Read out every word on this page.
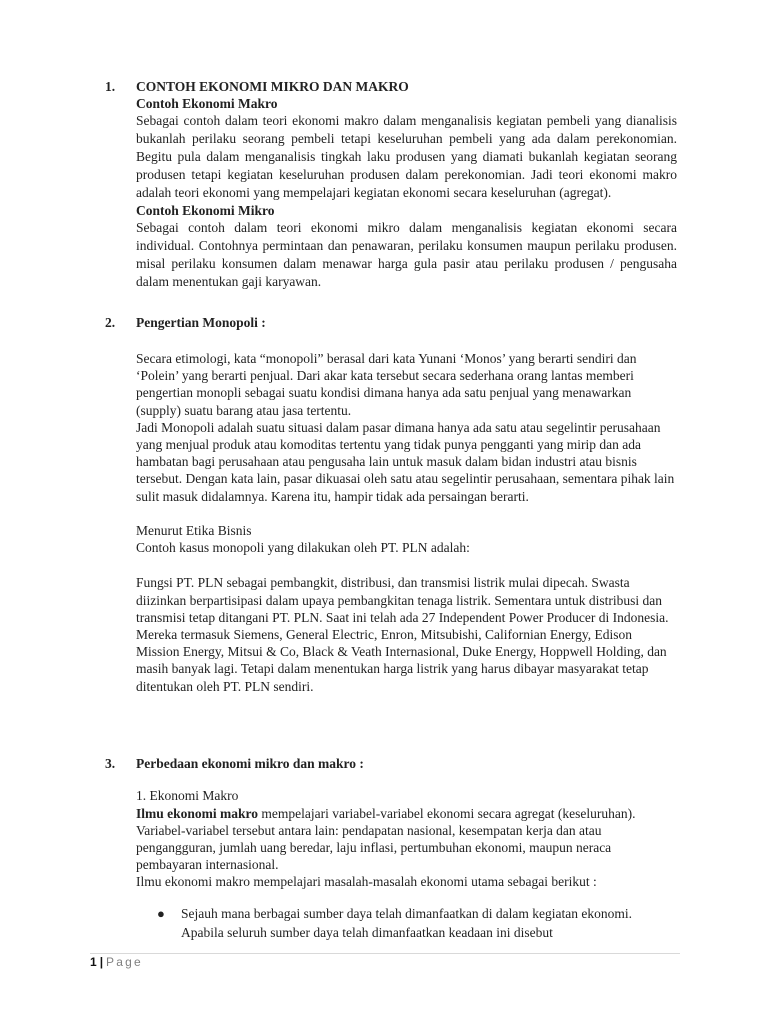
1.	CONTOH EKONOMI MIKRO DAN MAKRO
Contoh Ekonomi Makro

Sebagai contoh dalam teori ekonomi makro dalam menganalisis kegiatan pembeli yang dianalisis bukanlah perilaku seorang pembeli tetapi keseluruhan pembeli yang ada dalam perekonomian. Begitu pula dalam menganalisis tingkah laku produsen yang diamati bukanlah kegiatan seorang produsen tetapi kegiatan keseluruhan produsen dalam perekonomian. Jadi teori ekonomi makro adalah teori ekonomi yang mempelajari kegiatan ekonomi secara keseluruhan (agregat).

Contoh Ekonomi Mikro

Sebagai contoh dalam teori ekonomi mikro dalam menganalisis kegiatan ekonomi secara individual. Contohnya permintaan dan penawaran, perilaku konsumen maupun perilaku produsen. misal perilaku konsumen dalam menawar harga gula pasir atau perilaku produsen / pengusaha dalam menentukan gaji karyawan.

2.	Pengertian Monopoli :

Secara etimologi, kata “monopoli” berasal dari kata Yunani ‘Monos’ yang berarti sendiri dan ‘Polein’ yang berarti penjual. Dari akar kata tersebut secara sederhana orang lantas memberi pengertian monopli sebagai suatu kondisi dimana hanya ada satu penjual yang menawarkan (supply) suatu barang atau jasa tertentu.

Jadi Monopoli adalah suatu situasi dalam pasar dimana hanya ada satu atau segelintir perusahaan yang menjual produk atau komoditas tertentu yang tidak punya pengganti yang mirip dan ada hambatan bagi perusahaan atau pengusaha lain untuk masuk dalam bidan industri atau bisnis tersebut. Dengan kata lain, pasar dikuasai oleh satu atau segelintir perusahaan, sementara pihak lain sulit masuk didalamnya. Karena itu, hampir tidak ada persaingan berarti.

Menurut Etika Bisnis

Contoh kasus monopoli yang dilakukan oleh PT. PLN adalah:

Fungsi PT. PLN sebagai pembangkit, distribusi, dan transmisi listrik mulai dipecah. Swasta diizinkan berpartisipasi dalam upaya pembangkitan tenaga listrik. Sementara untuk distribusi dan transmisi tetap ditangani PT. PLN. Saat ini telah ada 27 Independent Power Producer di Indonesia. Mereka termasuk Siemens, General Electric, Enron, Mitsubishi, Californian Energy, Edison Mission Energy, Mitsui & Co, Black & Veath Internasional, Duke Energy, Hoppwell Holding, dan masih banyak lagi. Tetapi dalam menentukan harga listrik yang harus dibayar masyarakat tetap ditentukan oleh PT. PLN sendiri.

3.	Perbedaan ekonomi mikro dan makro :

1. Ekonomi Makro

Ilmu ekonomi makro mempelajari variabel-variabel ekonomi secara agregat (keseluruhan). Variabel-variabel tersebut antara lain: pendapatan nasional, kesempatan kerja dan atau pengangguran, jumlah uang beredar, laju inflasi, pertumbuhan ekonomi, maupun neraca pembayaran internasional.

Ilmu ekonomi makro mempelajari masalah-masalah ekonomi utama sebagai berikut :

● Sejauh mana berbagai sumber daya telah dimanfaatkan di dalam kegiatan ekonomi. Apabila seluruh sumber daya telah dimanfaatkan keadaan ini disebut
1 | Page
